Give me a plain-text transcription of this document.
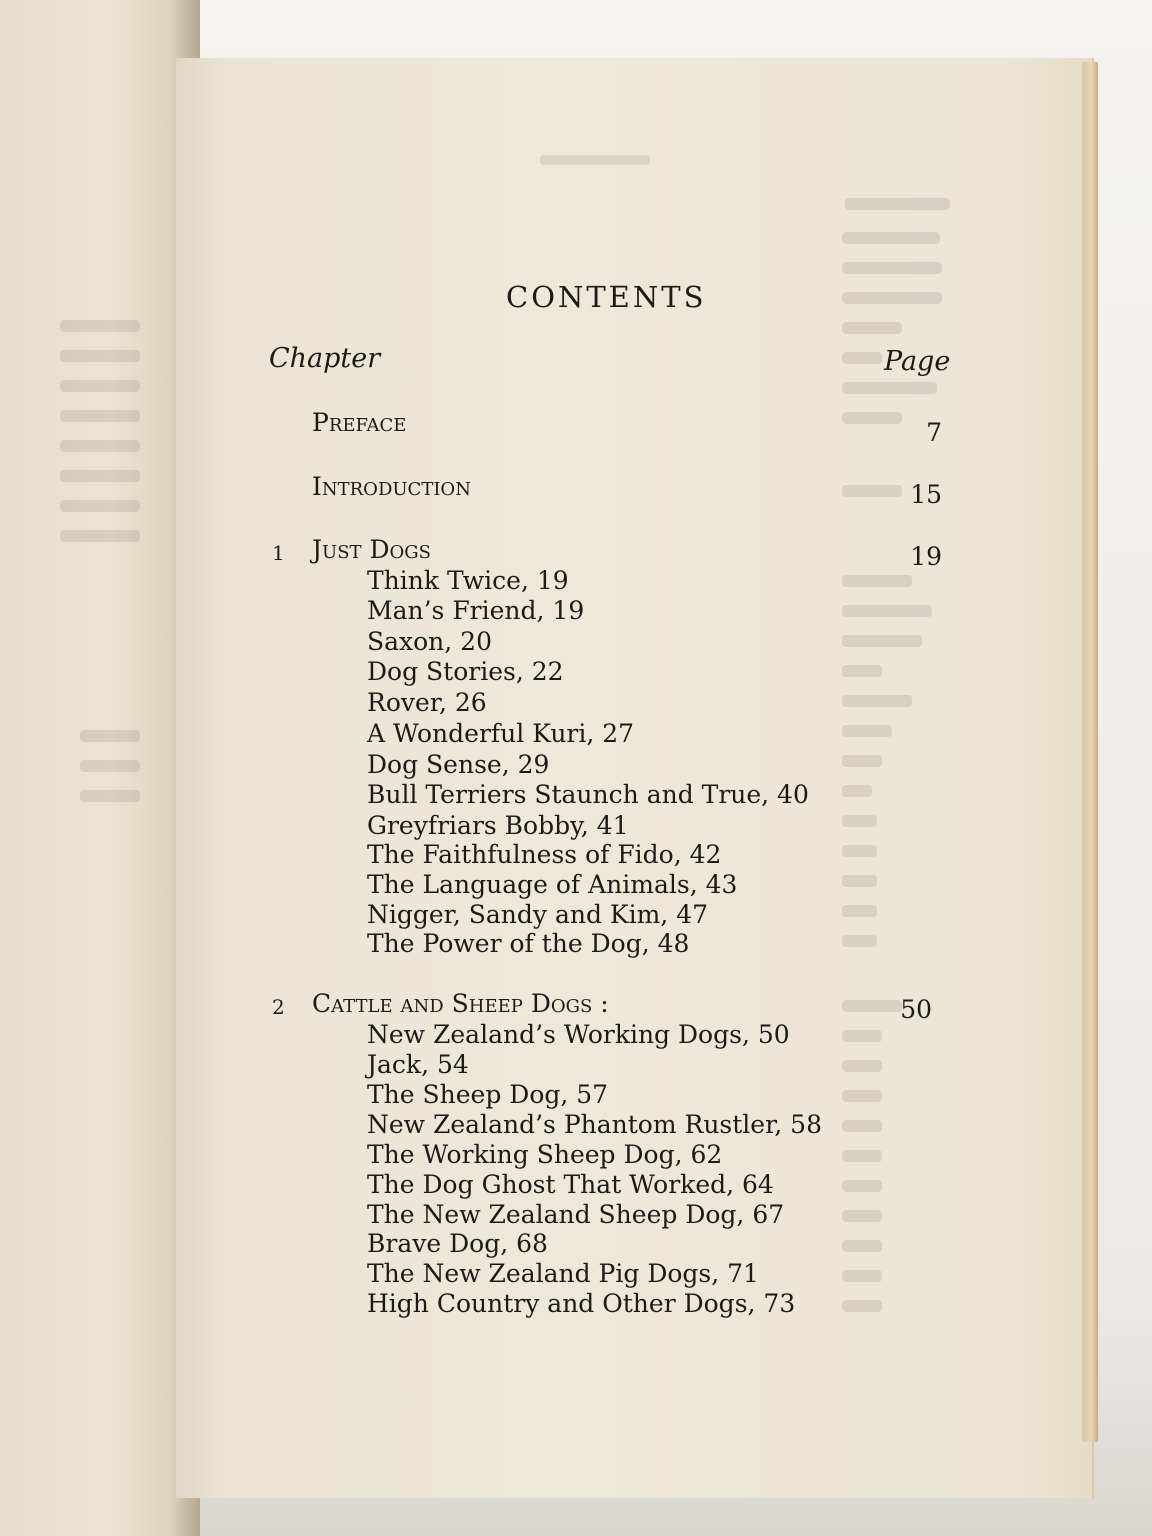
CONTENTS
Chapter	Page
Preface	7
Introduction	15
1 Just Dogs	19
Think Twice, 19
Man’s Friend, 19
Saxon, 20
Dog Stories, 22
Rover, 26
A Wonderful Kuri, 27
Dog Sense, 29
Bull Terriers Staunch and True, 40
Greyfriars Bobby, 41
The Faithfulness of Fido, 42
The Language of Animals, 43
Nigger, Sandy and Kim, 47
The Power of the Dog, 48
2 Cattle and Sheep Dogs :	50
New Zealand’s Working Dogs, 50
Jack, 54
The Sheep Dog, 57
New Zealand’s Phantom Rustler, 58
The Working Sheep Dog, 62
The Dog Ghost That Worked, 64
The New Zealand Sheep Dog, 67
Brave Dog, 68
The New Zealand Pig Dogs, 71
High Country and Other Dogs, 73
